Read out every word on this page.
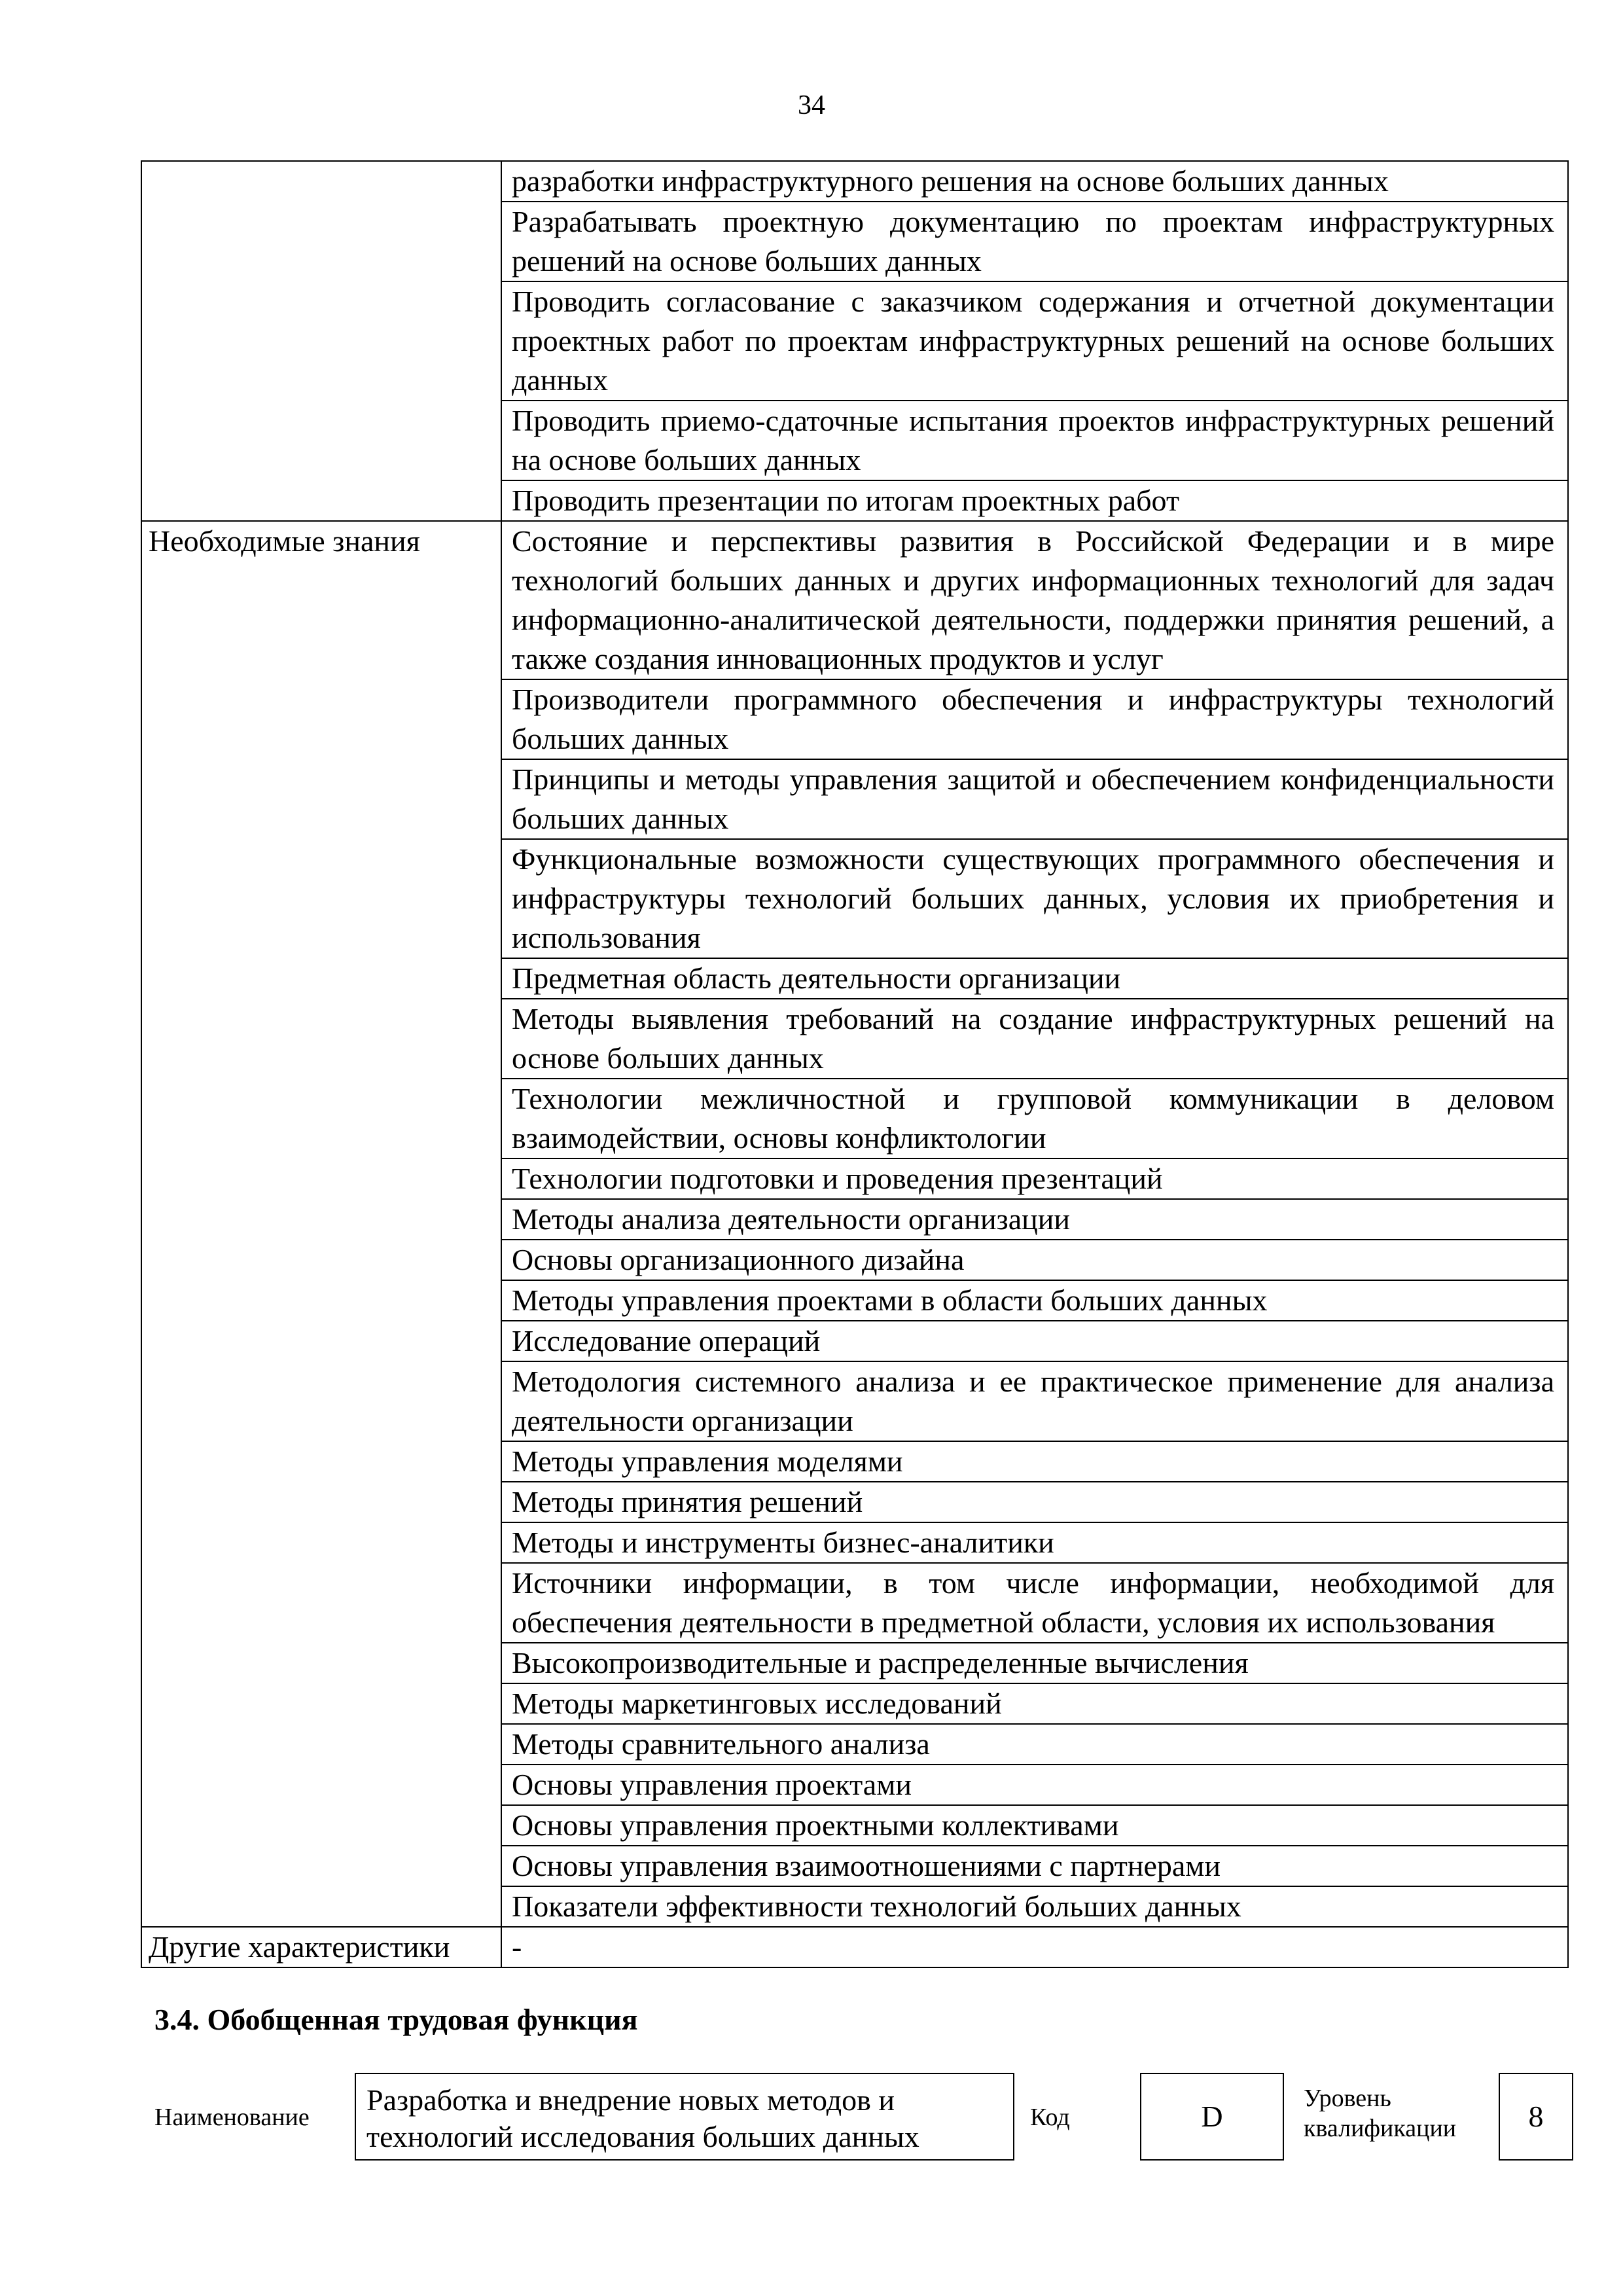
34
	разработки инфраструктурного решения на основе больших данных
	Разрабатывать проектную документацию по проектам инфраструктурных решений на основе больших данных
	Проводить согласование с заказчиком содержания и отчетной документации проектных работ по проектам инфраструктурных решений на основе больших данных
	Проводить приемо-сдаточные испытания проектов инфраструктурных решений на основе больших данных
	Проводить презентации по итогам проектных работ
Необходимые знания	Состояние и перспективы развития в Российской Федерации и в мире технологий больших данных и других информационных технологий для задач информационно-аналитической деятельности, поддержки принятия решений, а также создания инновационных продуктов и услуг
	Производители программного обеспечения и инфраструктуры технологий больших данных
	Принципы и методы управления защитой и обеспечением конфиденциальности больших данных
	Функциональные возможности существующих программного обеспечения и инфраструктуры технологий больших данных, условия их приобретения и использования
	Предметная область деятельности организации
	Методы выявления требований на создание инфраструктурных решений на основе больших данных
	Технологии межличностной и групповой коммуникации в деловом взаимодействии, основы конфликтологии
	Технологии подготовки и проведения презентаций
	Методы анализа деятельности организации
	Основы организационного дизайна
	Методы управления проектами в области больших данных
	Исследование операций
	Методология системного анализа и ее практическое применение для анализа деятельности организации
	Методы управления моделями
	Методы принятия решений
	Методы и инструменты бизнес-аналитики
	Источники информации, в том числе информации, необходимой для обеспечения деятельности в предметной области, условия их использования
	Высокопроизводительные и распределенные вычисления
	Методы маркетинговых исследований
	Методы сравнительного анализа
	Основы управления проектами
	Основы управления проектными коллективами
	Основы управления взаимоотношениями с партнерами
	Показатели эффективности технологий больших данных
Другие характеристики	-
3.4. Обобщенная трудовая функция
Наименование
Разработка и внедрение новых методов и
технологий исследования больших данных
Код	D
Уровень
квалификации 8
